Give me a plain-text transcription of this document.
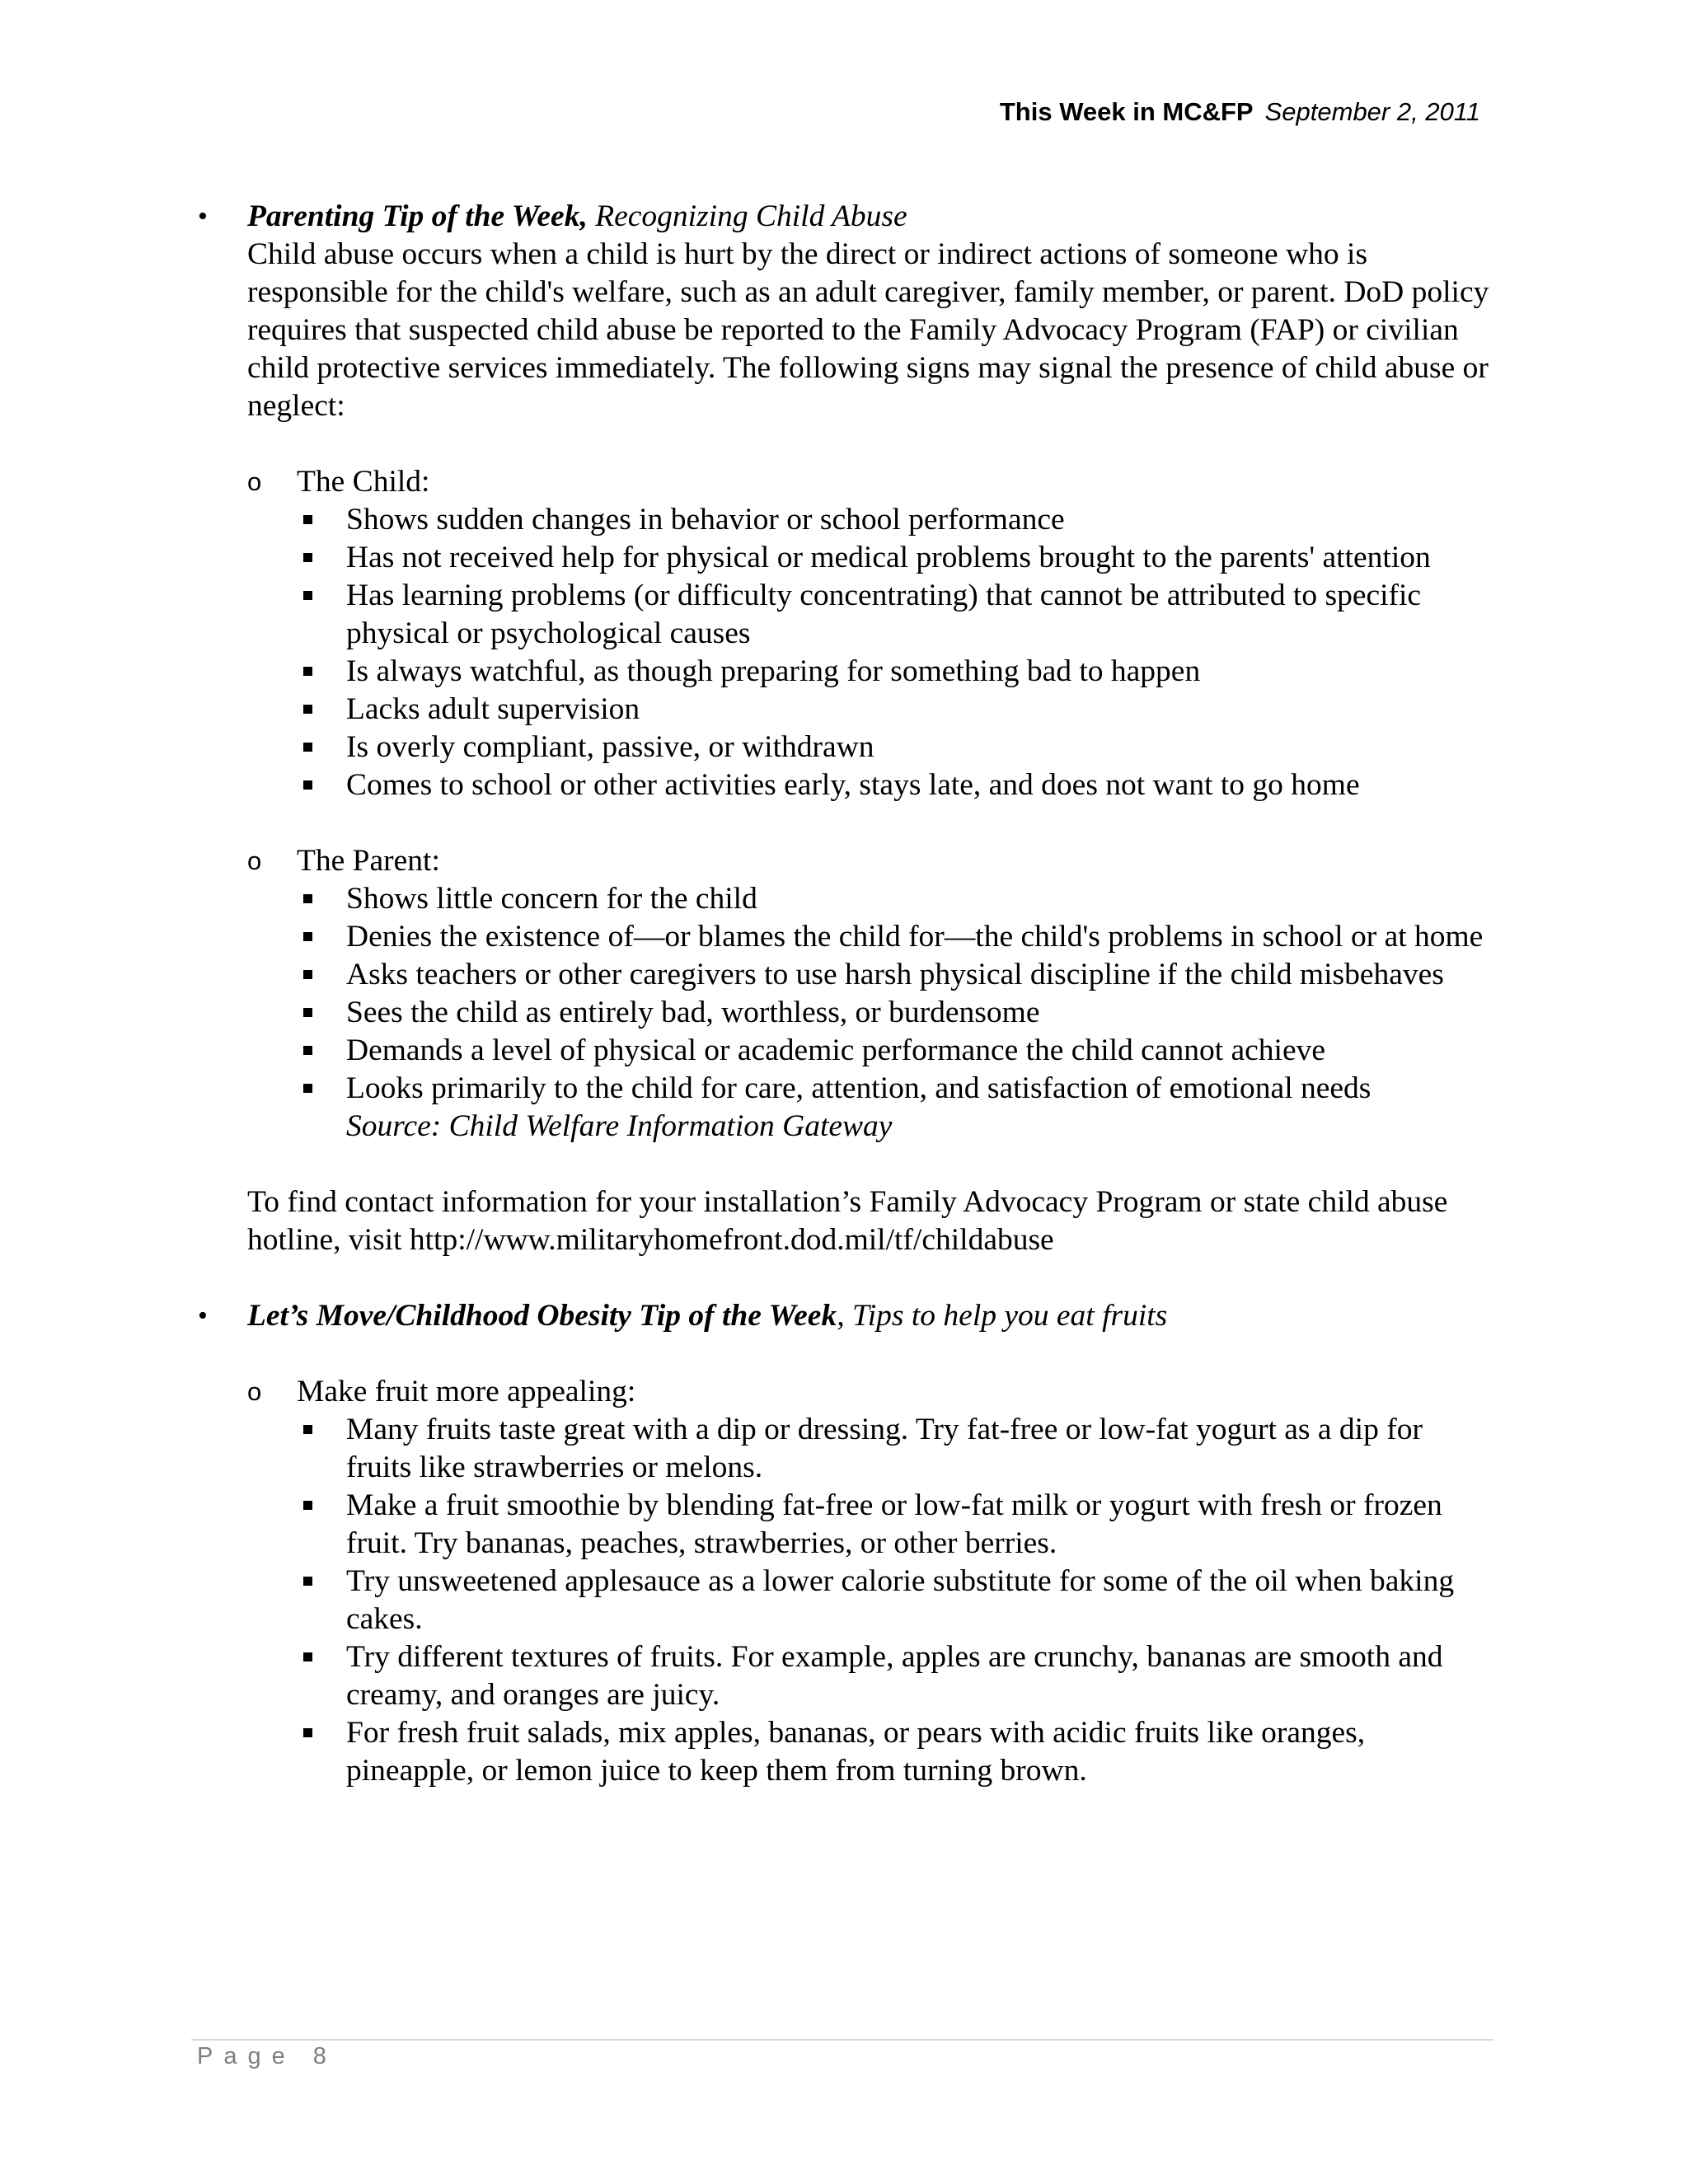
This Week in MC&FP September 2, 2011
• Parenting Tip of the Week, Recognizing Child Abuse

Child abuse occurs when a child is hurt by the direct or indirect actions of someone who is responsible for the child's welfare, such as an adult caregiver, family member, or parent. DoD policy requires that suspected child abuse be reported to the Family Advocacy Program (FAP) or civilian child protective services immediately. The following signs may signal the presence of child abuse or neglect:

o The Child:
Shows sudden changes in behavior or school performance
Has not received help for physical or medical problems brought to the parents' attention
Has learning problems (or difficulty concentrating) that cannot be attributed to specific physical or psychological causes
Is always watchful, as though preparing for something bad to happen
Lacks adult supervision
Is overly compliant, passive, or withdrawn
Comes to school or other activities early, stays late, and does not want to go home
o The Parent:
Shows little concern for the child
Denies the existence of—or blames the child for—the child's problems in school or at home
Asks teachers or other caregivers to use harsh physical discipline if the child misbehaves
Sees the child as entirely bad, worthless, or burdensome
Demands a level of physical or academic performance the child cannot achieve
Looks primarily to the child for care, attention, and satisfaction of emotional needs
Source: Child Welfare Information Gateway

To find contact information for your installation’s Family Advocacy Program or state child abuse hotline, visit http://www.militaryhomefront.dod.mil/tf/childabuse

• Let’s Move/Childhood Obesity Tip of the Week, Tips to help you eat fruits
o Make fruit more appealing:
Many fruits taste great with a dip or dressing. Try fat-free or low-fat yogurt as a dip for fruits like strawberries or melons.
Make a fruit smoothie by blending fat-free or low-fat milk or yogurt with fresh or frozen fruit. Try bananas, peaches, strawberries, or other berries.
Try unsweetened applesauce as a lower calorie substitute for some of the oil when baking cakes.
Try different textures of fruits. For example, apples are crunchy, bananas are smooth and creamy, and oranges are juicy.
For fresh fruit salads, mix apples, bananas, or pears with acidic fruits like oranges, pineapple, or lemon juice to keep them from turning brown.
Page 8
